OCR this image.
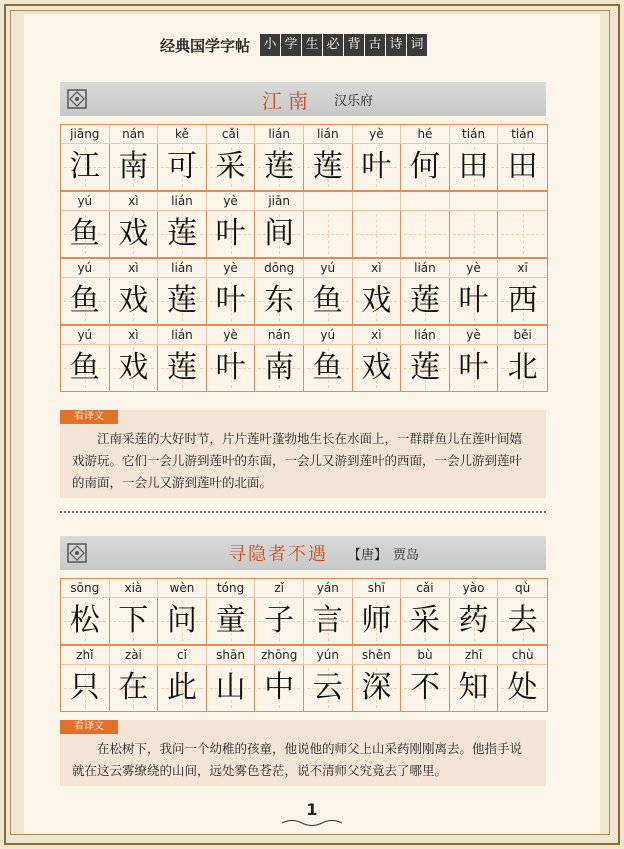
经典国学字帖 小 学 生 必 背 古 诗 词
江南 汉乐府
jiāng	nán	kě	cǎi	lián	lián	yè	hé	tián	tián
江 南 可 采 莲 莲 叶 何 田 田
yú	xì	lián	yè	jiān
鱼 戏 莲 叶 间
yú	xì	lián	yè	dōng	yú	xì	lián	yè	xī
鱼 戏 莲 叶 东 鱼 戏 莲 叶 西
yú	xì	lián	yè	nán	yú	xì	lián	yè	běi
鱼 戏 莲 叶 南 鱼 戏 莲 叶 北
看译文
江南采莲的大好时节，片片莲叶蓬勃地生长在水面上，一群群鱼儿在莲叶间嬉戏游玩。它们一会儿游到莲叶的东面，一会儿又游到莲叶的西面，一会儿游到莲叶的南面，一会儿又游到莲叶的北面。
寻隐者不遇 【唐】 贾岛
sōng	xià	wèn	tóng	zǐ	yán	shī	cǎi	yào	qù
松 下 问 童 子 言 师 采 药 去
zhǐ	zài	cǐ	shān	zhōng	yún	shēn	bù	zhī	chù
只 在 此 山 中 云 深 不 知 处
看译文
在松树下，我问一个幼稚的孩童，他说他的师父上山采药刚刚离去。他指手说就在这云雾缭绕的山间，远处雾色苍茫，说不清师父究竟去了哪里。
1
